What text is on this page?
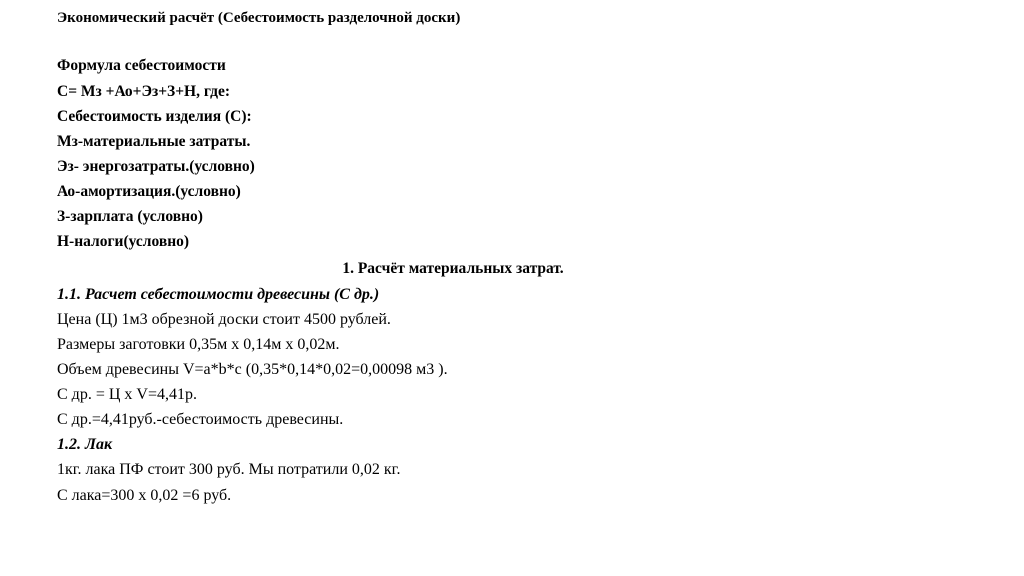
Экономический расчёт (Себестоимость разделочной доски)
Формула себестоимости
С= Мз +Ао+Эз+З+Н, где:
Себестоимость изделия (С):
Мз-материальные затраты.
Эз- энергозатраты.(условно)
Ао-амортизация.(условно)
З-зарплата (условно)
Н-налоги(условно)
1. Расчёт материальных затрат.
1.1. Расчет себестоимости древесины (С др.)
Цена (Ц) 1м3 обрезной доски стоит 4500 рублей.
Размеры заготовки 0,35м х 0,14м х 0,02м.
Объем древесины V=a*b*c (0,35*0,14*0,02=0,00098 м3 ).
С др. = Ц х V=4,41р.
С др.=4,41руб.-себестоимость древесины.
1.2. Лак
1кг. лака ПФ стоит 300 руб. Мы потратили 0,02 кг.
С лака=300 х 0,02 =6 руб.
